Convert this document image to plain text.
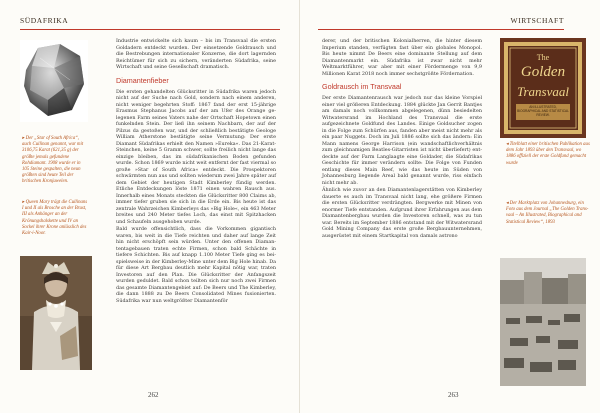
SÜDAFRIKA	WIRTSCHAFT
▸ Der „Star of South Africa“, auch Cullinan genannt, war mit 3106,75 Karat (621,35 g) der größte jemals gefundene Rohdiamant. 1908 wurde er in 105 Steine gespalten, die neun größten sind heute Teil der britischen Kronjuwelen.
▸ Queen Mary trägt die Cullinans I und II als Brosche an der Brust, III als Anhänger an der Krönungshalskette und IV an Sockel ihrer Krone anlässlich des Kair-i-Noor.

Industrie entwickelte sich kaum – bis im Transvaal die ersten Goldadern entdeckt wurden. Der einsetzende Goldrausch und die Bestrebungen internationaler Konzerne, die dort lagernden Reichtümer für sich zu sichern, veränderten Südafrika, seine Wirtschaft und seine Gesellschaft dramatisch.

Diamantenfieber

Die ersten gehandelten Glücksritter in Südafrika waren jedoch nicht auf der Suche nach Gold, sondern nach einem anderen, nicht weniger begehrten Stoff: 1867 fand der erst 15-jährige Erasmus Stephanus Jacobs auf der am Ufer des Orange gelegenen Farm seines Vaters nahe der Ortschaft Hopetown einen funkelnden Stein. Der ließ ihn seinem Nachbarn, der auf der Pilzus da gestoßen war, und der schließlich bestätigte Geologe William Atherstone bestätigte seine Vermutung: Der erste Diamant Südafrikas erhielt den Namen »Eureka«. Das 21-Karat-Steinchen, keine 5 Gramm schwer, sollte freilich nicht lange das einzige bleiben, das im südafrikanischen Boden gefunden wurde. Schon 1869 wurde nicht weit entfernt der fast viermal so große »Star of South Africa« entdeckt. Die Prospektoren schwärmten nun aus und sollten wiederum zwei Jahre später auf dem Gebiet der heutigen Stadt Kimberley fündig werden. Etliche Entdeckungen löste 1871 einen wahren Rausch aus. Innerhalb eines Monats steckten die Glücksritter 800 Claims ab, immer tiefer gruben sie sich in die Erde ein. Bis heute ist das zentrale Wahrzeichen Kimberleys das »Big Hole«, ein 463 Meter breites und 240 Meter tiefes Loch, das einst mit Spitzhacken und Schaufeln ausgehoben wurde.

Bald wurde offensichtlich, dass die Vorkommen gigantisch waren, bis weit in die Tiefe reichten und daher auf lange Zeit hin nicht erschöpft sein würden. Unter den offenen Diamantentagebauen traten echte Firmen, schon bald Schächte in tiefere Schichten. Bis auf knapp 1.100 Meter Tiefe ging es beispielsweise in der Kimberley-Mine unter dem Big Hole hinab. Da für diese Art Bergbau deutlich mehr Kapital nötig war, traten Investoren auf den Plan. Die Glücksritter der Anfangszeit wurden geduldet. Bald schon teilten sich nur noch zwei Firmen das gesamte Diamantengebiet auf: De Beers und The Kimberley, die dann 1888 zu De Beers Consolidated Mines fusionierten. Südafrika war nun weltgrößter Diamantenför

derer, und der britischen Kolonialherren, die hinter diesem Imperium standen, verfügten fast über ein globales Monopol. Bis heute nimmt De Beers eine dominante Stellung auf dem Diamantenmarkt ein. Südafrika ist zwar nicht mehr Weltmarktführer, war aber mit einer Fördermenge von 9,9 Millionen Karat 2018 noch immer sechstgrößte Fördernation.

Goldrausch im Transvaal

Der erste Diamantenrausch war jedoch nur das kleine Vorspiel einer viel größeren Entdeckung. 1884 glückte Jan Gerrit Bantjes am damals noch vollkommen abgelegenen, dünn besiedelten Witwatersrand im Hochland des Transvaal die erste aufgezeichnete Goldfund des Landes. Einige Goldsucher zogen in die Folge zum Schürfen aus, fanden aber meist nicht mehr als ein paar Nuggets. Doch im Juli 1886 sollte sich das ändern: Ein Mann namens George Harrison (ein wandschaftlichverhältnis zum gleichnamigen Beatles-Gitarristen ist nicht überliefert) entdeckte auf der Farm Langlaagte eine Goldader, die Südafrikas Geschichte für immer verändern sollte: Die Folge von Funden entlang dieses Main Reef, wie das heute im Süden von Johannesburg liegende Areal bald genannt wurde, riss einfach nicht mehr ab.

Ähnlich wie zuvor an den Diamantenlagerstätten von Kimberley dauerte es auch im Transvaal nicht lang, ehe größere Firmen die ersten Glücksritter verdrängten. Bergwerke mit Minen von enormer Tiefe entstanden. Aufgrund ihrer Erfahrungen aus dem Diamantenbergbau wurden die Investoren schnell, was zu tun war. Bereits im September 1886 entstand mit der Witwatersrand Gold Mining Company das erste große Bergbauunternehmen, ausgerüstet mit einem Startkapital von damals astrono

The
Golden
Transvaal
AN ILLUSTRATED, BIOGRAPHICAL AND STATISTICAL REVIEW.
◂ Titelblatt einer britischen Publikation aus dem Jahr 1893 über den Transvaal, wo 1886 offiziell der erste Goldfund gemacht wurde
◂ Der Marktplatz von Johannesburg, ein Foto aus dem Journal „The Golden Transvaal – An Illustrated, Biographical and Statistical Review“, 1893
262	263
